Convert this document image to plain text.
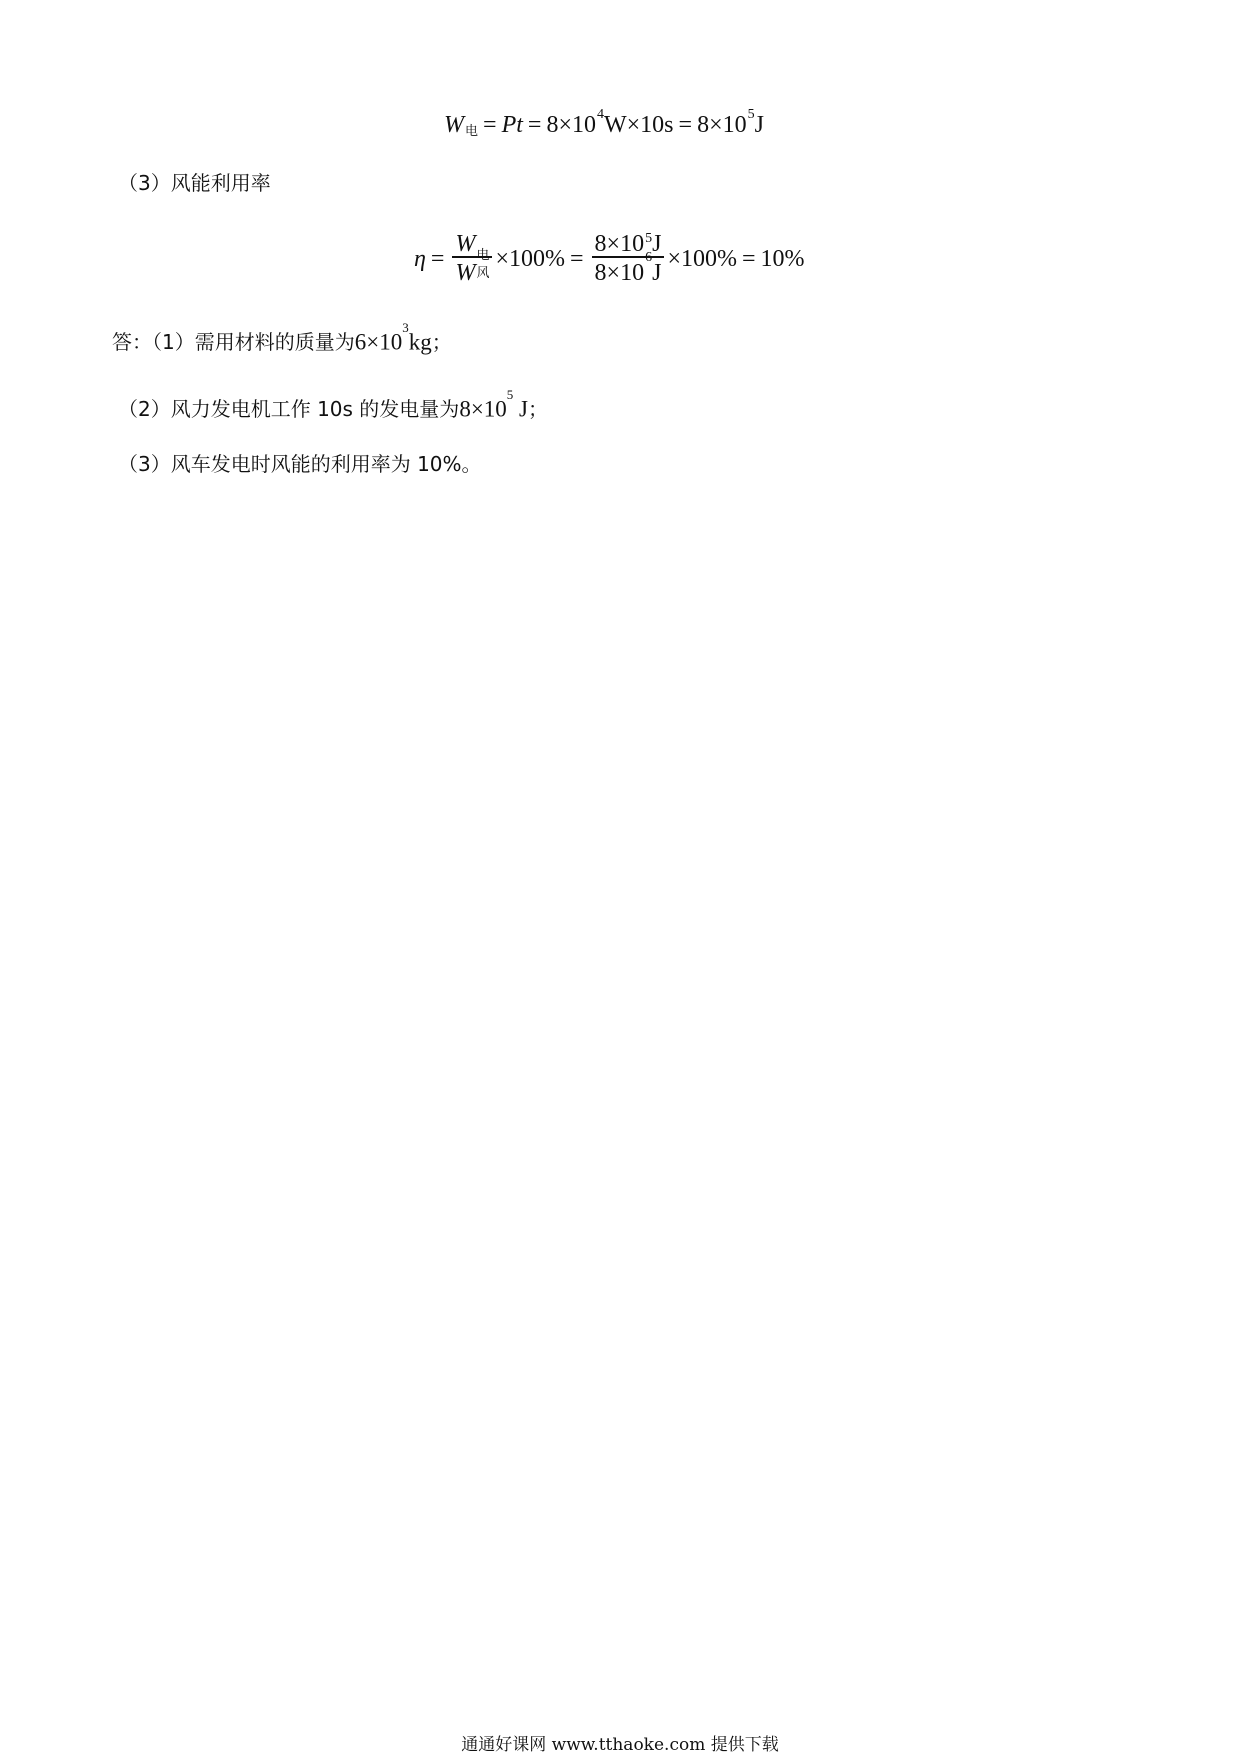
$W_电 = Pt = 8\times 10^4$ $W\times 10s = 8\times 10^5$ J
（3）风能利用率
$\eta = \frac{W_电}{W_风} \times 100\% = 8\times 10^5$ J
8×10
$^6$
J ×100% = 10%
答：（1）需用材料的质量为 $6\times 10^3kg$ ；
（2）风力发电机工作 10s 的发电量为 $8\times 10^5$ J ；
（3）风车发电时风能的利用率为 10%。
通通好课网 www.tthaoke.com 提供下载
